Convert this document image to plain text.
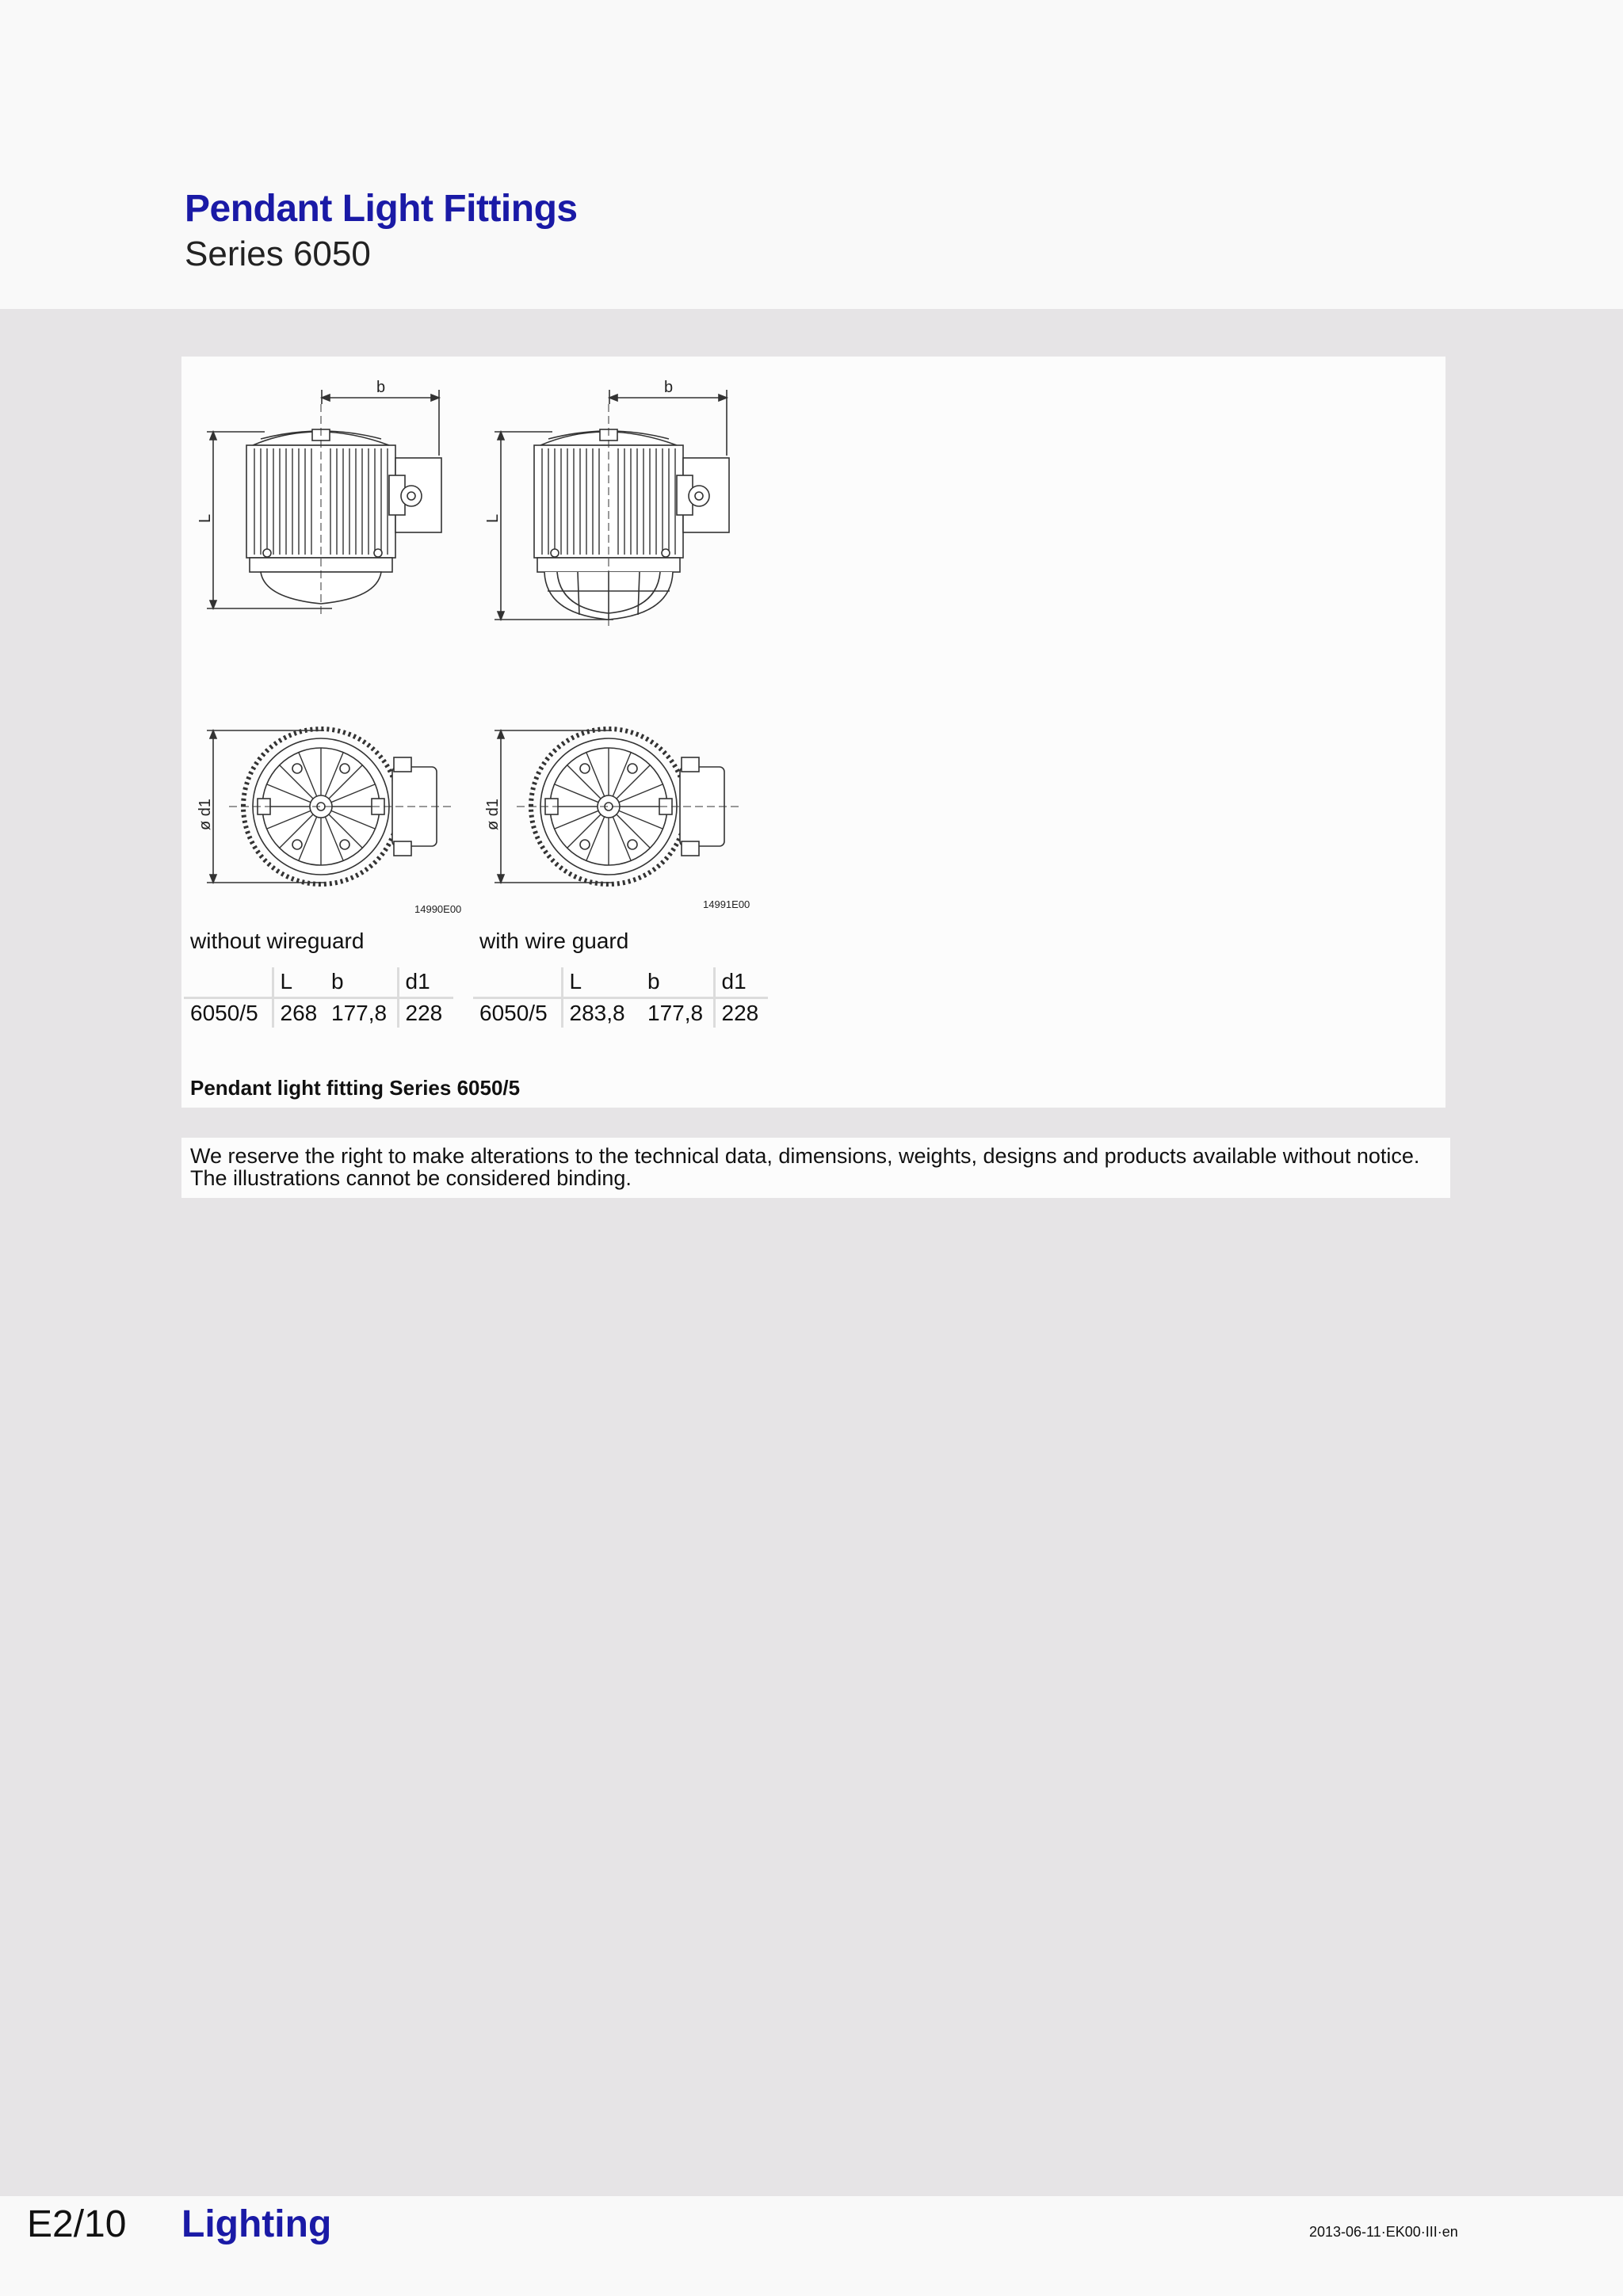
Pendant Light Fittings
Series 6050
L
b
L
b
ø d1
14990E00
ø d1
14991E00
without wireguard	with wire guard
	L	b	d1
6050/5	268	177,8	228
	L	b	d1
6050/5	283,8	177,8	228
Pendant light fitting Series 6050/5

We reserve the right to make alterations to the technical data, dimensions, weights, designs and products available without notice.

The illustrations cannot be considered binding.

E2/10 Lighting	2013-06-11·EK00·III·en
